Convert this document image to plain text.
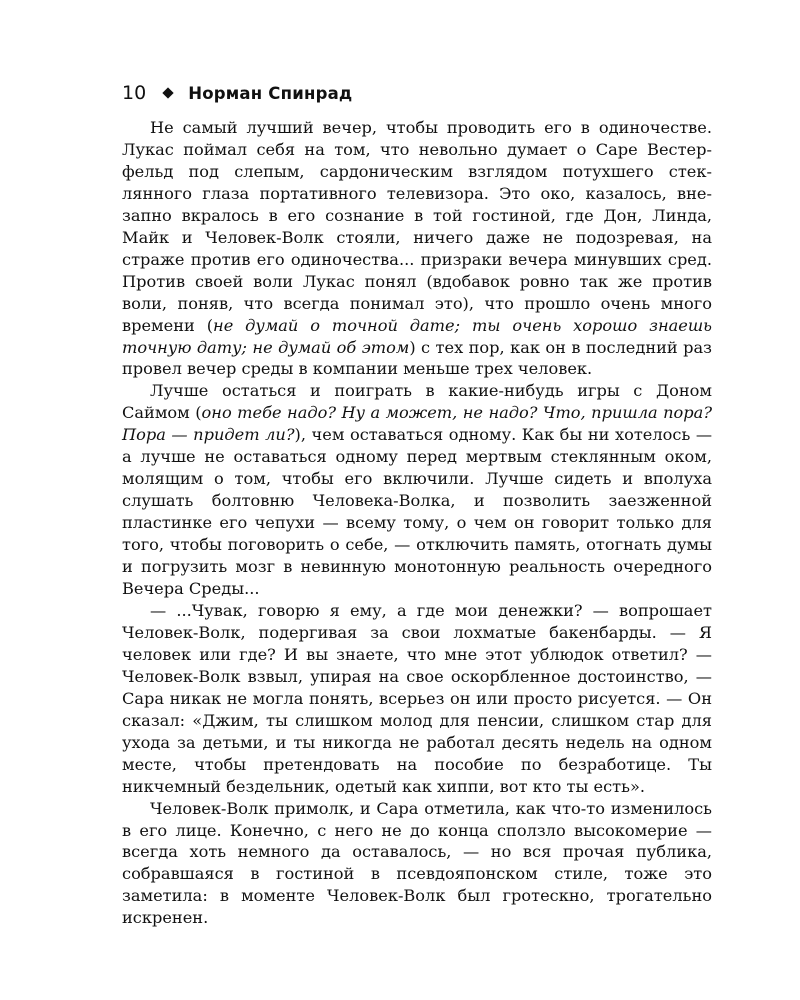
10	Норман Спинрад

Не самый лучший вечер, чтобы проводить его в одиночестве. Лукас поймал себя на том, что невольно думает о Саре Вестерфельд под слепым, сардоническим взглядом потухшего стеклянного глаза портативного телевизора. Это око, казалось, внезапно вкралось в его сознание в той гостиной, где Дон, Линда, Майк и Человек-Волк стояли, ничего даже не подозревая, на страже против его одиночества... призраки вечера минувших сред. Против своей воли Лукас понял (вдобавок ровно так же против воли, поняв, что всегда понимал это), что прошло очень много времени (не думай о точной дате; ты очень хорошо знаешь точную дату; не думай об этом) с тех пор, как он в последний раз провел вечер среды в компании меньше трех человек.

Лучше остаться и поиграть в какие-нибудь игры с Доном Саймом (оно тебе надо? Ну а может, не надо? Что, пришла пора? Пора — придет ли?), чем оставаться одному. Как бы ни хотелось — а лучше не оставаться одному перед мертвым стеклянным оком, молящим о том, чтобы его включили. Лучше сидеть и вполуха слушать болтовню Человека-Волка, и позволить заезженной пластинке его чепухи — всему тому, о чем он говорит только для того, чтобы поговорить о себе, — отключить память, отогнать думы и погрузить мозг в невинную монотонную реальность очередного Вечера Среды...

— ...Чувак, говорю я ему, а где мои денежки? — вопрошает Человек-Волк, подергивая за свои лохматые бакенбарды. — Я человек или где? И вы знаете, что мне этот ублюдок ответил? — Человек-Волк взвыл, упирая на свое оскорбленное достоинство, — Сара никак не могла понять, всерьез он или просто рисуется. — Он сказал: «Джим, ты слишком молод для пенсии, слишком стар для ухода за детьми, и ты никогда не работал десять недель на одном месте, чтобы претендовать на пособие по безработице. Ты никчемный бездельник, одетый как хиппи, вот кто ты есть».

Человек-Волк примолк, и Сара отметила, как что-то изменилось в его лице. Конечно, с него не до конца сползло высокомерие — всегда хоть немного да оставалось, — но вся прочая публика, собравшаяся в гостиной в псевдояпонском стиле, тоже это заметила: в моменте Человек-Волк был гротескно, трогательно искренен.
